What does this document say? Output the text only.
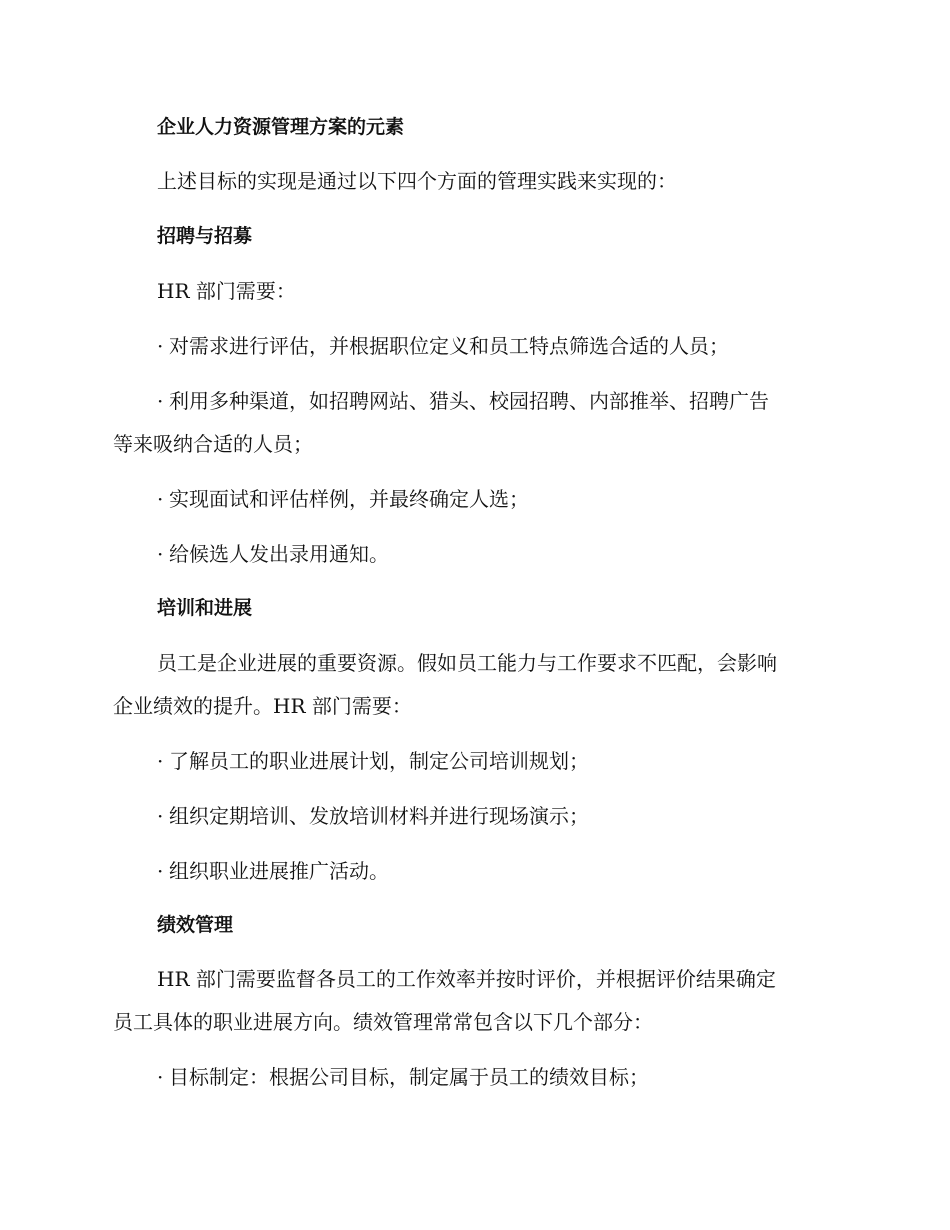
企业人力资源管理方案的元素
上述目标的实现是通过以下四个方面的管理实践来实现的：
招聘与招募
HR 部门需要：
· 对需求进行评估，并根据职位定义和员工特点筛选合适的人员；
· 利用多种渠道，如招聘网站、猎头、校园招聘、内部推举、招聘广告
等来吸纳合适的人员；
· 实现面试和评估样例，并最终确定人选；
· 给候选人发出录用通知。
培训和进展
员工是企业进展的重要资源。假如员工能力与工作要求不匹配，会影响
企业绩效的提升。HR 部门需要：
· 了解员工的职业进展计划，制定公司培训规划；
· 组织定期培训、发放培训材料并进行现场演示；
· 组织职业进展推广活动。
绩效管理
HR 部门需要监督各员工的工作效率并按时评价，并根据评价结果确定
员工具体的职业进展方向。绩效管理常常包含以下几个部分：
· 目标制定：根据公司目标，制定属于员工的绩效目标；
